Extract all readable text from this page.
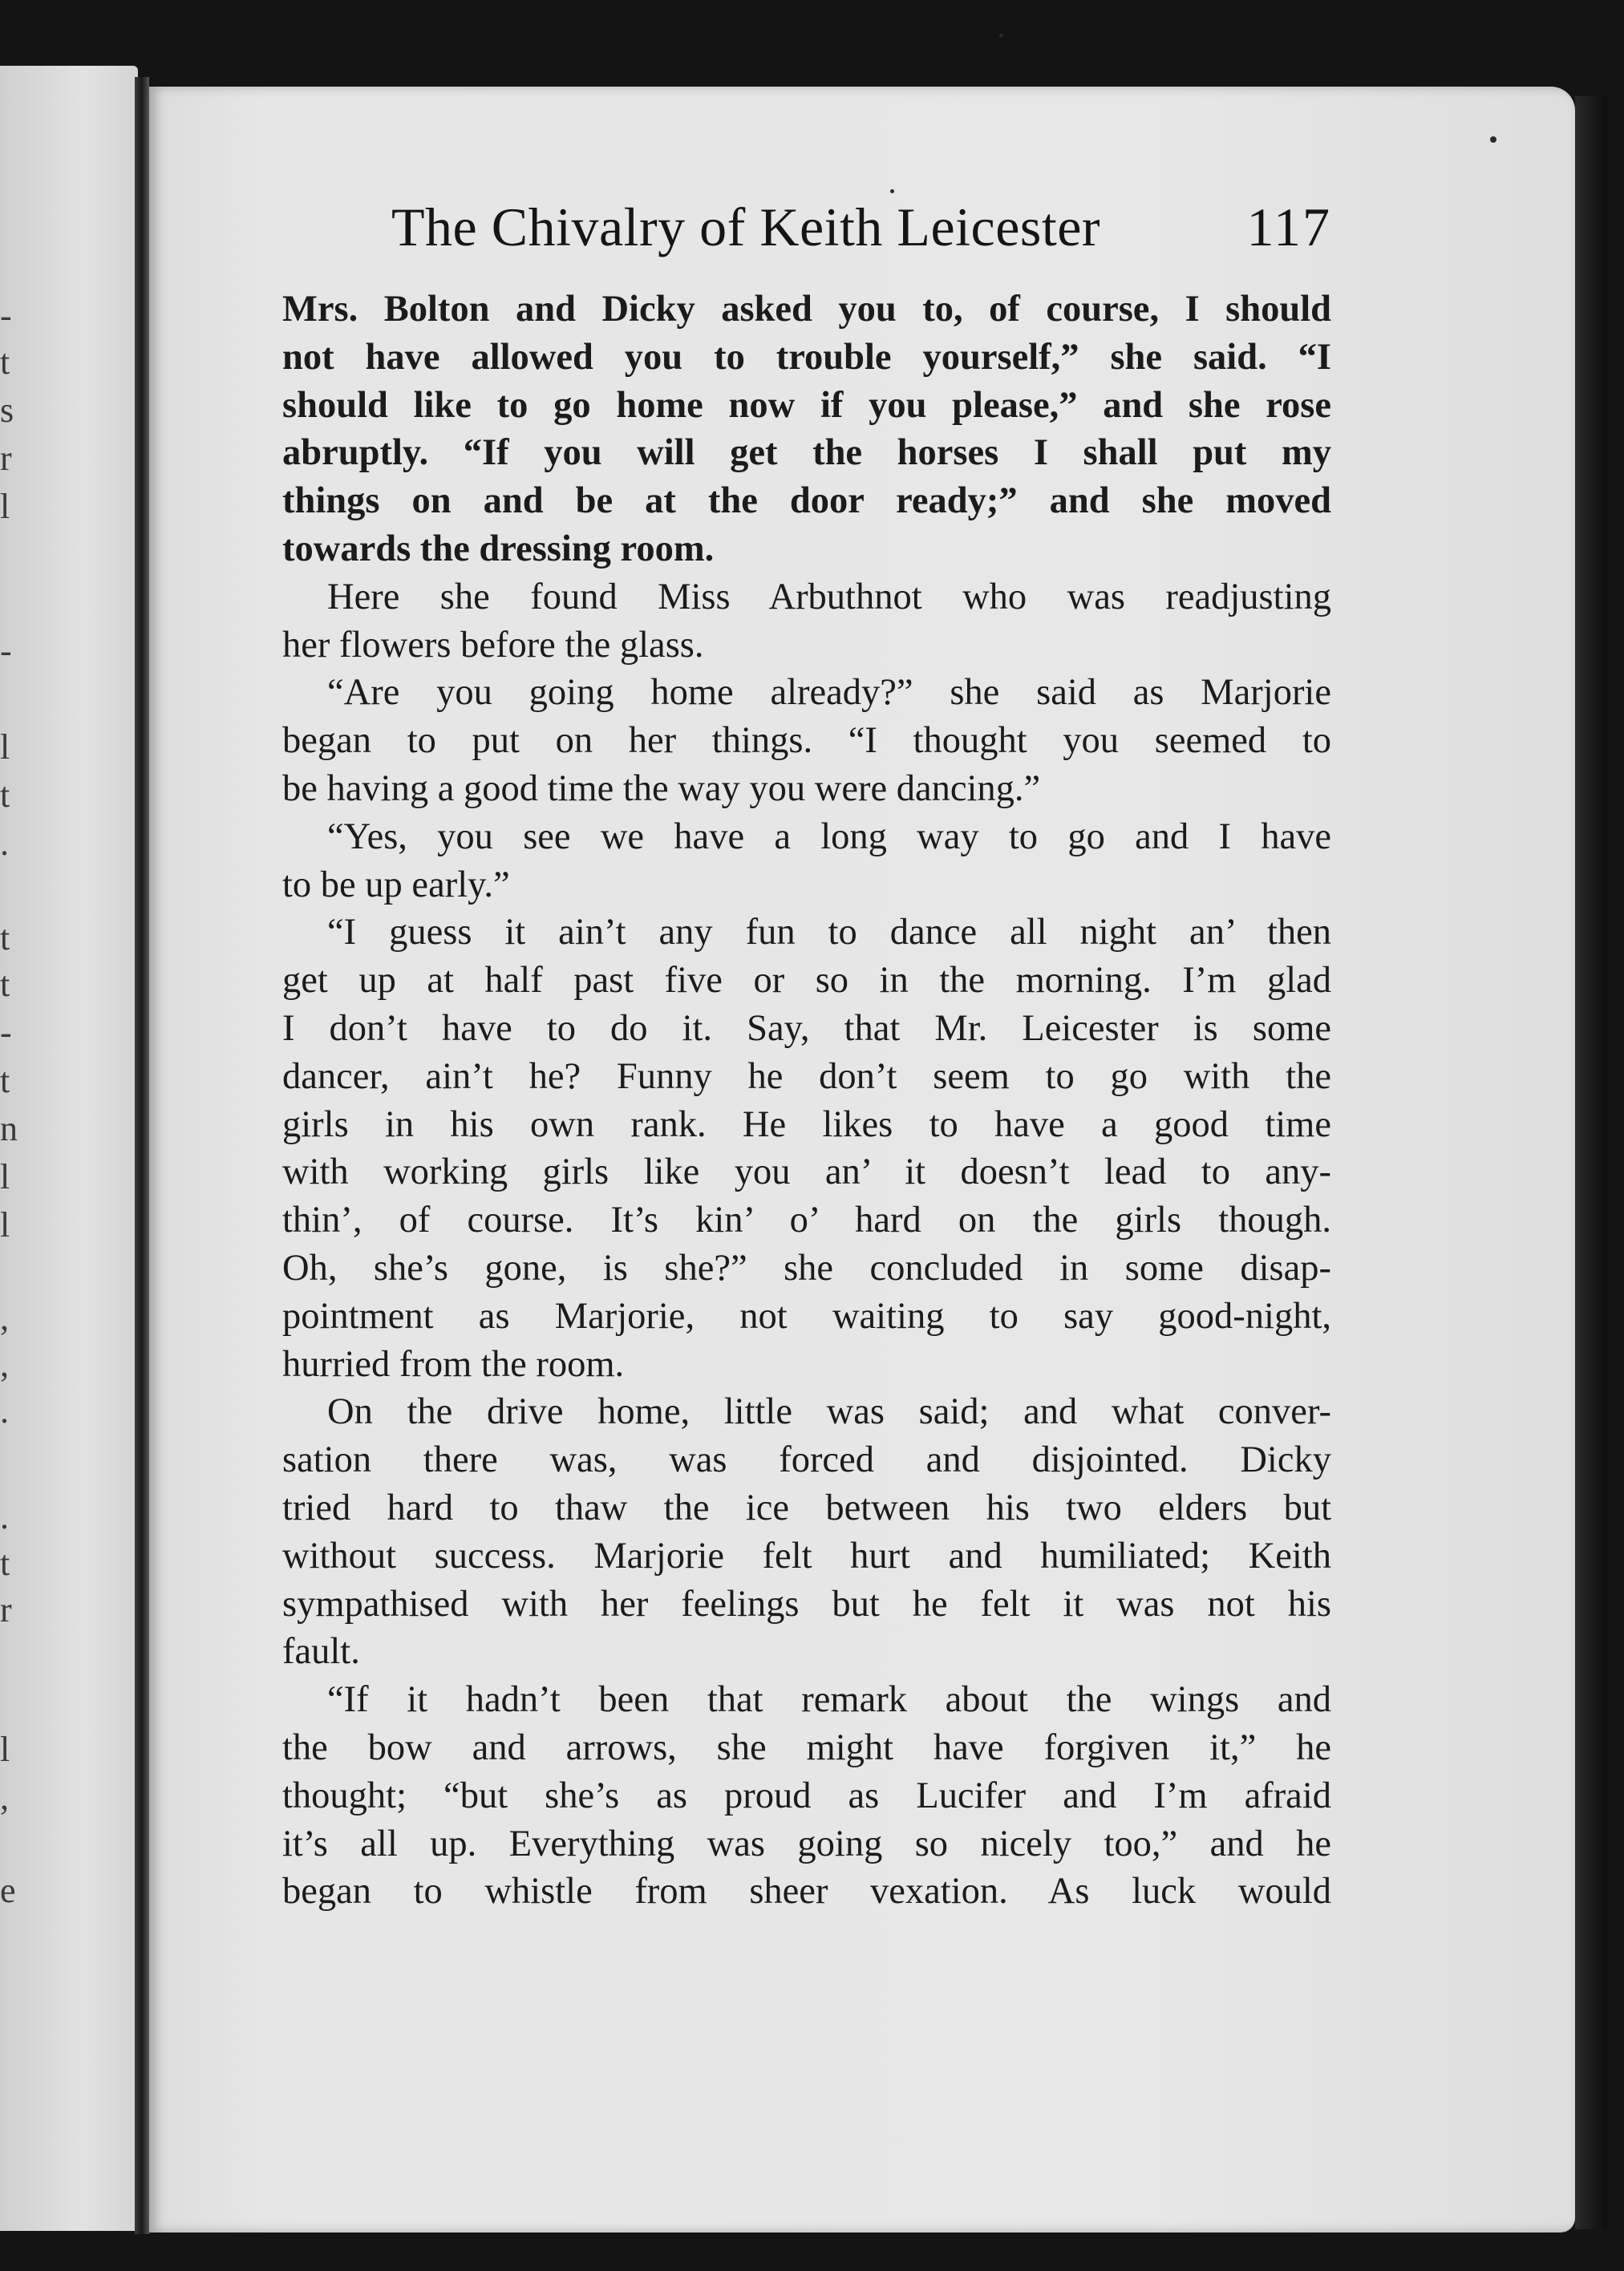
-
t
s
r
l
-
l
t
.
t
t
-
t
n
l
l
,
,
.
.
t
r
l
,
e
The Chivalry of Keith Leicester	117
Mrs. Bolton and Dicky asked you to, of course, I should
not have allowed you to trouble yourself,” she said. “I
should like to go home now if you please,” and she rose
abruptly. “If you will get the horses I shall put my
things on and be at the door ready;” and she moved
towards the dressing room.
Here she found Miss Arbuthnot who was readjusting
her flowers before the glass.
“Are you going home already?” she said as Marjorie
began to put on her things. “I thought you seemed to
be having a good time the way you were dancing.”
“Yes, you see we have a long way to go and I have
to be up early.”
“I guess it ain’t any fun to dance all night an’ then
get up at half past five or so in the morning. I’m glad
I don’t have to do it. Say, that Mr. Leicester is some
dancer, ain’t he? Funny he don’t seem to go with the
girls in his own rank. He likes to have a good time
with working girls like you an’ it doesn’t lead to any-
thin’, of course. It’s kin’ o’ hard on the girls though.
Oh, she’s gone, is she?” she concluded in some disap-
pointment as Marjorie, not waiting to say good-night,
hurried from the room.
On the drive home, little was said; and what conver-
sation there was, was forced and disjointed. Dicky
tried hard to thaw the ice between his two elders but
without success. Marjorie felt hurt and humiliated; Keith
sympathised with her feelings but he felt it was not his
fault.
“If it hadn’t been that remark about the wings and
the bow and arrows, she might have forgiven it,” he
thought; “but she’s as proud as Lucifer and I’m afraid
it’s all up. Everything was going so nicely too,” and he
began to whistle from sheer vexation. As luck would
